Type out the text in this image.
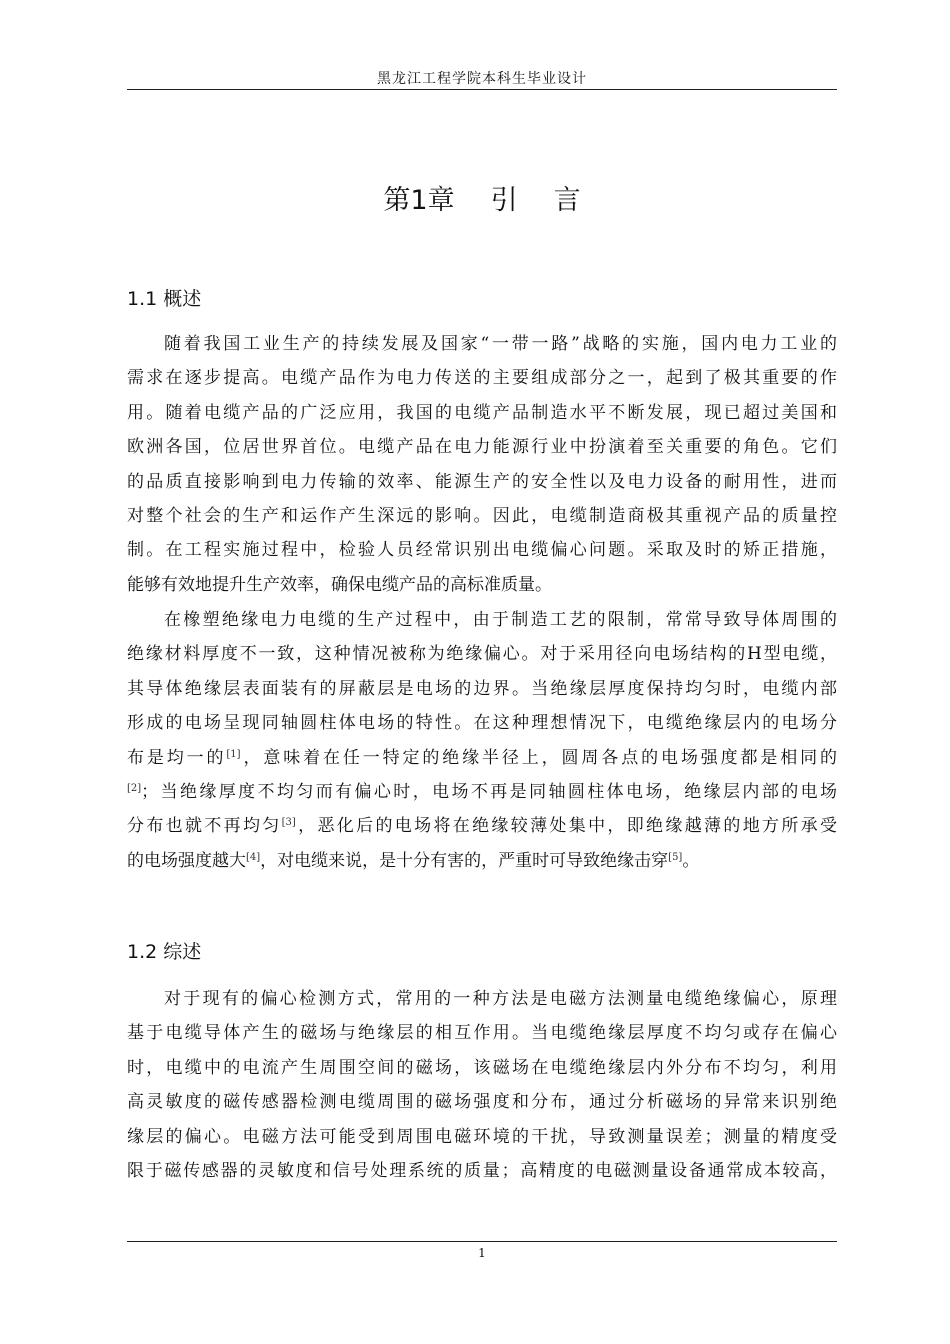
黑龙江工程学院本科生毕业设计
第1章 引 言
1.1 概述
随着我国工业生产的持续发展及国家“一带一路”战略的实施，国内电力工业的
需求在逐步提高。电缆产品作为电力传送的主要组成部分之一，起到了极其重要的作
用。随着电缆产品的广泛应用，我国的电缆产品制造水平不断发展，现已超过美国和
欧洲各国，位居世界首位。电缆产品在电力能源行业中扮演着至关重要的角色。它们
的品质直接影响到电力传输的效率、能源生产的安全性以及电力设备的耐用性，进而
对整个社会的生产和运作产生深远的影响。因此，电缆制造商极其重视产品的质量控
制。在工程实施过程中，检验人员经常识别出电缆偏心问题。采取及时的矫正措施，
能够有效地提升生产效率，确保电缆产品的高标准质量。
在橡塑绝缘电力电缆的生产过程中，由于制造工艺的限制，常常导致导体周围的
绝缘材料厚度不一致，这种情况被称为绝缘偏心。对于采用径向电场结构的H型电缆，
其导体绝缘层表面装有的屏蔽层是电场的边界。当绝缘层厚度保持均匀时，电缆内部
形成的电场呈现同轴圆柱体电场的特性。在这种理想情况下，电缆绝缘层内的电场分
布是均一的[1]，意味着在任一特定的绝缘半径上，圆周各点的电场强度都是相同的
[2]；当绝缘厚度不均匀而有偏心时，电场不再是同轴圆柱体电场，绝缘层内部的电场
分布也就不再均匀[3]，恶化后的电场将在绝缘较薄处集中，即绝缘越薄的地方所承受
的电场强度越大[4]，对电缆来说，是十分有害的，严重时可导致绝缘击穿[5]。
1.2 综述
对于现有的偏心检测方式，常用的一种方法是电磁方法测量电缆绝缘偏心，原理
基于电缆导体产生的磁场与绝缘层的相互作用。当电缆绝缘层厚度不均匀或存在偏心
时，电缆中的电流产生周围空间的磁场，该磁场在电缆绝缘层内外分布不均匀，利用
高灵敏度的磁传感器检测电缆周围的磁场强度和分布，通过分析磁场的异常来识别绝
缘层的偏心。电磁方法可能受到周围电磁环境的干扰，导致测量误差；测量的精度受
限于磁传感器的灵敏度和信号处理系统的质量；高精度的电磁测量设备通常成本较高，
1
